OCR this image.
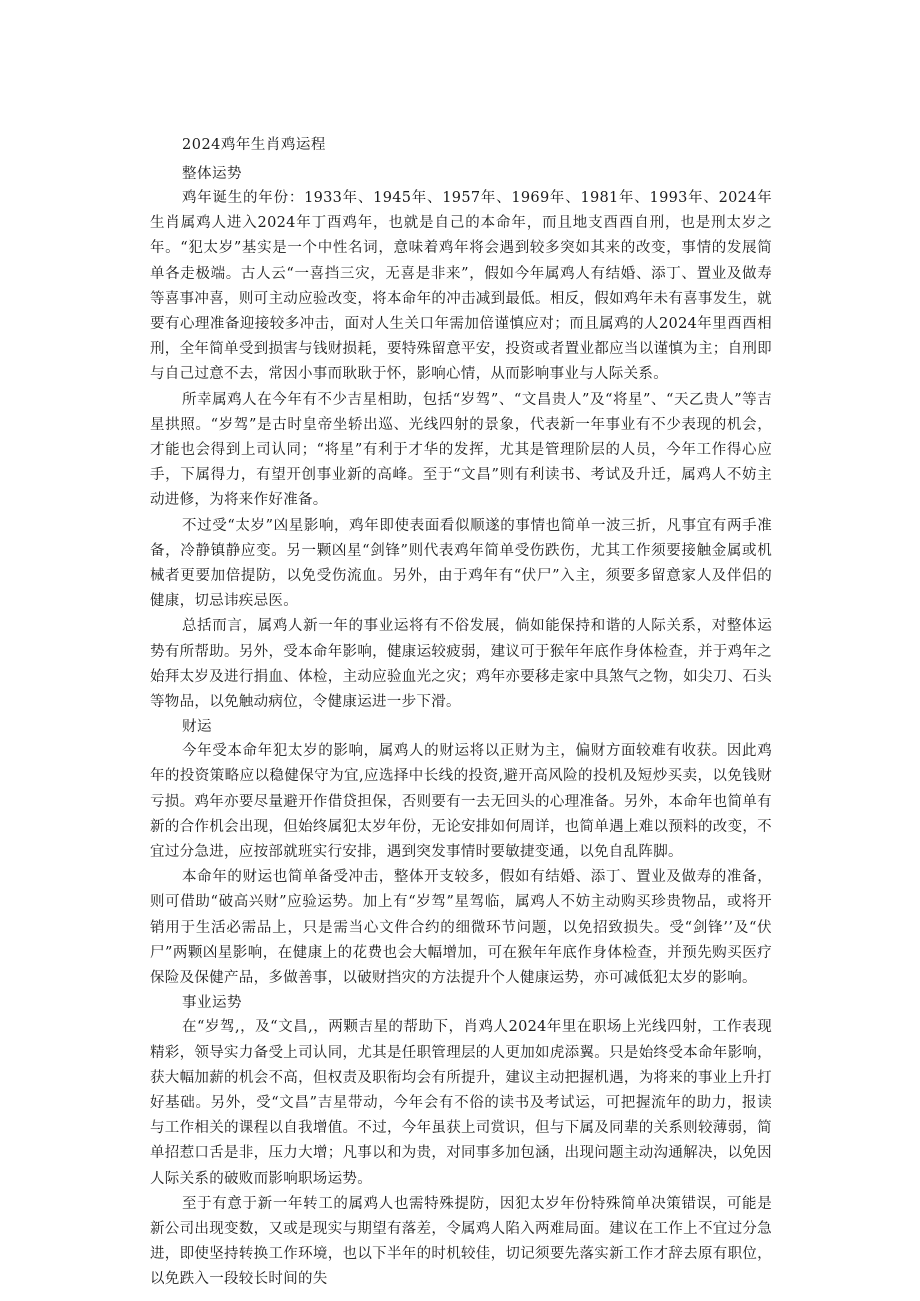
2024鸡年生肖鸡运程
整体运势

鸡年诞生的年份：1933年、1945年、1957年、1969年、1981年、1993年、2024年生肖属鸡人进入2024年丁酉鸡年，也就是自己的本命年，而且地支酉酉自刑，也是刑太岁之年。“犯太岁”基实是一个中性名词，意味着鸡年将会遇到较多突如其来的改变，事情的发展简单各走极端。古人云“一喜挡三灾，无喜是非来”，假如今年属鸡人有结婚、添丁、置业及做寿等喜事冲喜，则可主动应验改变，将本命年的冲击减到最低。相反，假如鸡年未有喜事发生，就要有心理准备迎接较多冲击，面对人生关口年需加倍谨慎应对；而且属鸡的人2024年里酉酉相刑，全年简单受到损害与钱财损耗，要特殊留意平安，投资或者置业都应当以谨慎为主；自刑即与自己过意不去，常因小事而耿耿于怀，影响心情，从而影响事业与人际关系。

所幸属鸡人在今年有不少吉星相助，包括“岁驾”、“文昌贵人”及“将星”、“天乙贵人”等吉星拱照。“岁驾”是古时皇帝坐轿出巡、光线四射的景象，代表新一年事业有不少表现的机会，才能也会得到上司认同；“将星”有利于才华的发挥，尤其是管理阶层的人员，今年工作得心应手，下属得力，有望开创事业新的高峰。至于“文昌”则有利读书、考试及升迁，属鸡人不妨主动进修，为将来作好准备。

不过受“太岁”凶星影响，鸡年即使表面看似顺遂的事情也简单一波三折，凡事宜有两手准备，冷静镇静应变。另一颗凶星“剑锋”则代表鸡年简单受伤跌伤，尤其工作须要接触金属或机械者更要加倍提防，以免受伤流血。另外，由于鸡年有“伏尸”入主，须要多留意家人及伴侣的健康，切忌讳疾忌医。

总括而言，属鸡人新一年的事业运将有不俗发展，倘如能保持和谐的人际关系，对整体运势有所帮助。另外，受本命年影响，健康运较疲弱，建议可于猴年年底作身体检查，并于鸡年之始拜太岁及进行捐血、体检，主动应验血光之灾；鸡年亦要移走家中具煞气之物，如尖刀、石头等物品，以免触动病位，令健康运进一步下滑。

财运

今年受本命年犯太岁的影响，属鸡人的财运将以正财为主，偏财方面较难有收获。因此鸡年的投资策略应以稳健保守为宜,应选择中长线的投资,避开高风险的投机及短炒买卖，以免钱财亏损。鸡年亦要尽量避开作借贷担保，否则要有一去无回头的心理准备。另外，本命年也简单有新的合作机会出现，但始终属犯太岁年份，无论安排如何周详，也简单遇上难以预料的改变，不宜过分急进，应按部就班实行安排，遇到突发事情时要敏捷变通，以免自乱阵脚。

本命年的财运也简单备受冲击，整体开支较多，假如有结婚、添丁、置业及做寿的准备，则可借助“破高兴财”应验运势。加上有“岁驾”星驾临，属鸡人不妨主动购买珍贵物品，或将开销用于生活必需品上，只是需当心文件合约的细微环节问题，以免招致损失。受“剑锋’’及“伏尸”两颗凶星影响，在健康上的花费也会大幅增加，可在猴年年底作身体检查，并预先购买医疗保险及保健产品，多做善事，以破财挡灾的方法提升个人健康运势，亦可减低犯太岁的影响。

事业运势

在“岁驾,，及“文昌,，两颗吉星的帮助下，肖鸡人2024年里在职场上光线四射，工作表现精彩，领导实力备受上司认同，尤其是任职管理层的人更加如虎添翼。只是始终受本命年影响，获大幅加薪的机会不高，但权责及职衔均会有所提升，建议主动把握机遇，为将来的事业上升打好基础。另外，受“文昌”吉星带动，今年会有不俗的读书及考试运，可把握流年的助力，报读与工作相关的课程以自我增值。不过，今年虽获上司赏识，但与下属及同辈的关系则较薄弱，简单招惹口舌是非，压力大增；凡事以和为贵，对同事多加包涵，出现问题主动沟通解决，以免因人际关系的破败而影响职场运势。

至于有意于新一年转工的属鸡人也需特殊提防，因犯太岁年份特殊简单决策错误，可能是新公司出现变数，又或是现实与期望有落差，令属鸡人陷入两难局面。建议在工作上不宜过分急进，即使坚持转换工作环境，也以下半年的时机较佳，切记须要先落实新工作才辞去原有职位，以免跌入一段较长时间的失
